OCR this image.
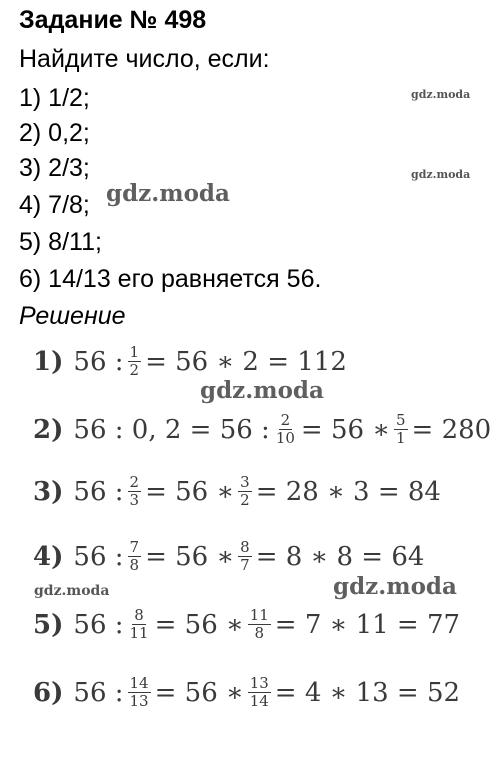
Задание № 498
Найдите число, если:
1) 1/2;
2) 0,2;
3) 2/3;
4) 7/8;
5) 8/11;
6) 14/13 его равняется 56.
Решение
1) 56 : $\frac{1}{2} = 56$ ∗ 2 = 112
2) 56 : 0, 2 = 56 : $\frac{2}{10} = 56$ ∗ $\frac{5}{1} = 280$
3) 56 : $\frac{2}{3} = 56$ ∗ $\frac{3}{2} = 28$ ∗ 3 = 84
4) 56 : $\frac{7}{8} = 56$ ∗ $\frac{8}{7} = 8$ ∗ 8 = 64
5) 56 : $\frac{8}{11} = 56$ ∗ $\frac{11}{8} = 7$ ∗ 11 = 77
6) 56 : $\frac{14}{13} = 56$ ∗ $\frac{13}{14} = 4$ ∗ 13 = 52
gdz.moda
gdz.moda
gdz.moda
gdz.moda
gdz.moda	gdz.moda
